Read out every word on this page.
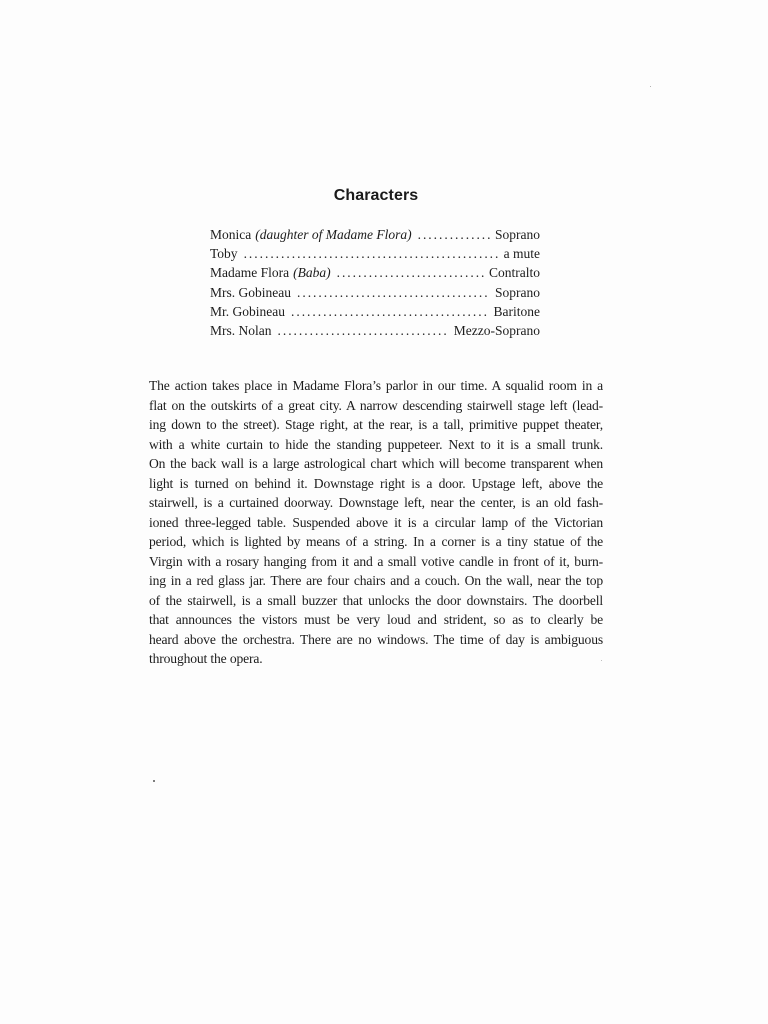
Characters
Monica (daughter of Madame Flora) . . .	Soprano
Toby . . .	a mute
Madame Flora (Baba) . . .	Contralto
Mrs. Gobineau . . .	Soprano
Mr. Gobineau . . .	Baritone
Mrs. Nolan . . .	Mezzo-Soprano
The action takes place in Madame Flora’s parlor in our time. A squalid room in a
flat on the outskirts of a great city. A narrow descending stairwell stage left (lead-
ing down to the street). Stage right, at the rear, is a tall, primitive puppet theater,
with a white curtain to hide the standing puppeteer. Next to it is a small trunk.
On the back wall is a large astrological chart which will become transparent when
light is turned on behind it. Downstage right is a door. Upstage left, above the
stairwell, is a curtained doorway. Downstage left, near the center, is an old fash-
ioned three-legged table. Suspended above it is a circular lamp of the Victorian
period, which is lighted by means of a string. In a corner is a tiny statue of the
Virgin with a rosary hanging from it and a small votive candle in front of it, burn-
ing in a red glass jar. There are four chairs and a couch. On the wall, near the top
of the stairwell, is a small buzzer that unlocks the door downstairs. The doorbell
that announces the vistors must be very loud and strident, so as to clearly be
heard above the orchestra. There are no windows. The time of day is ambiguous
throughout the opera.
